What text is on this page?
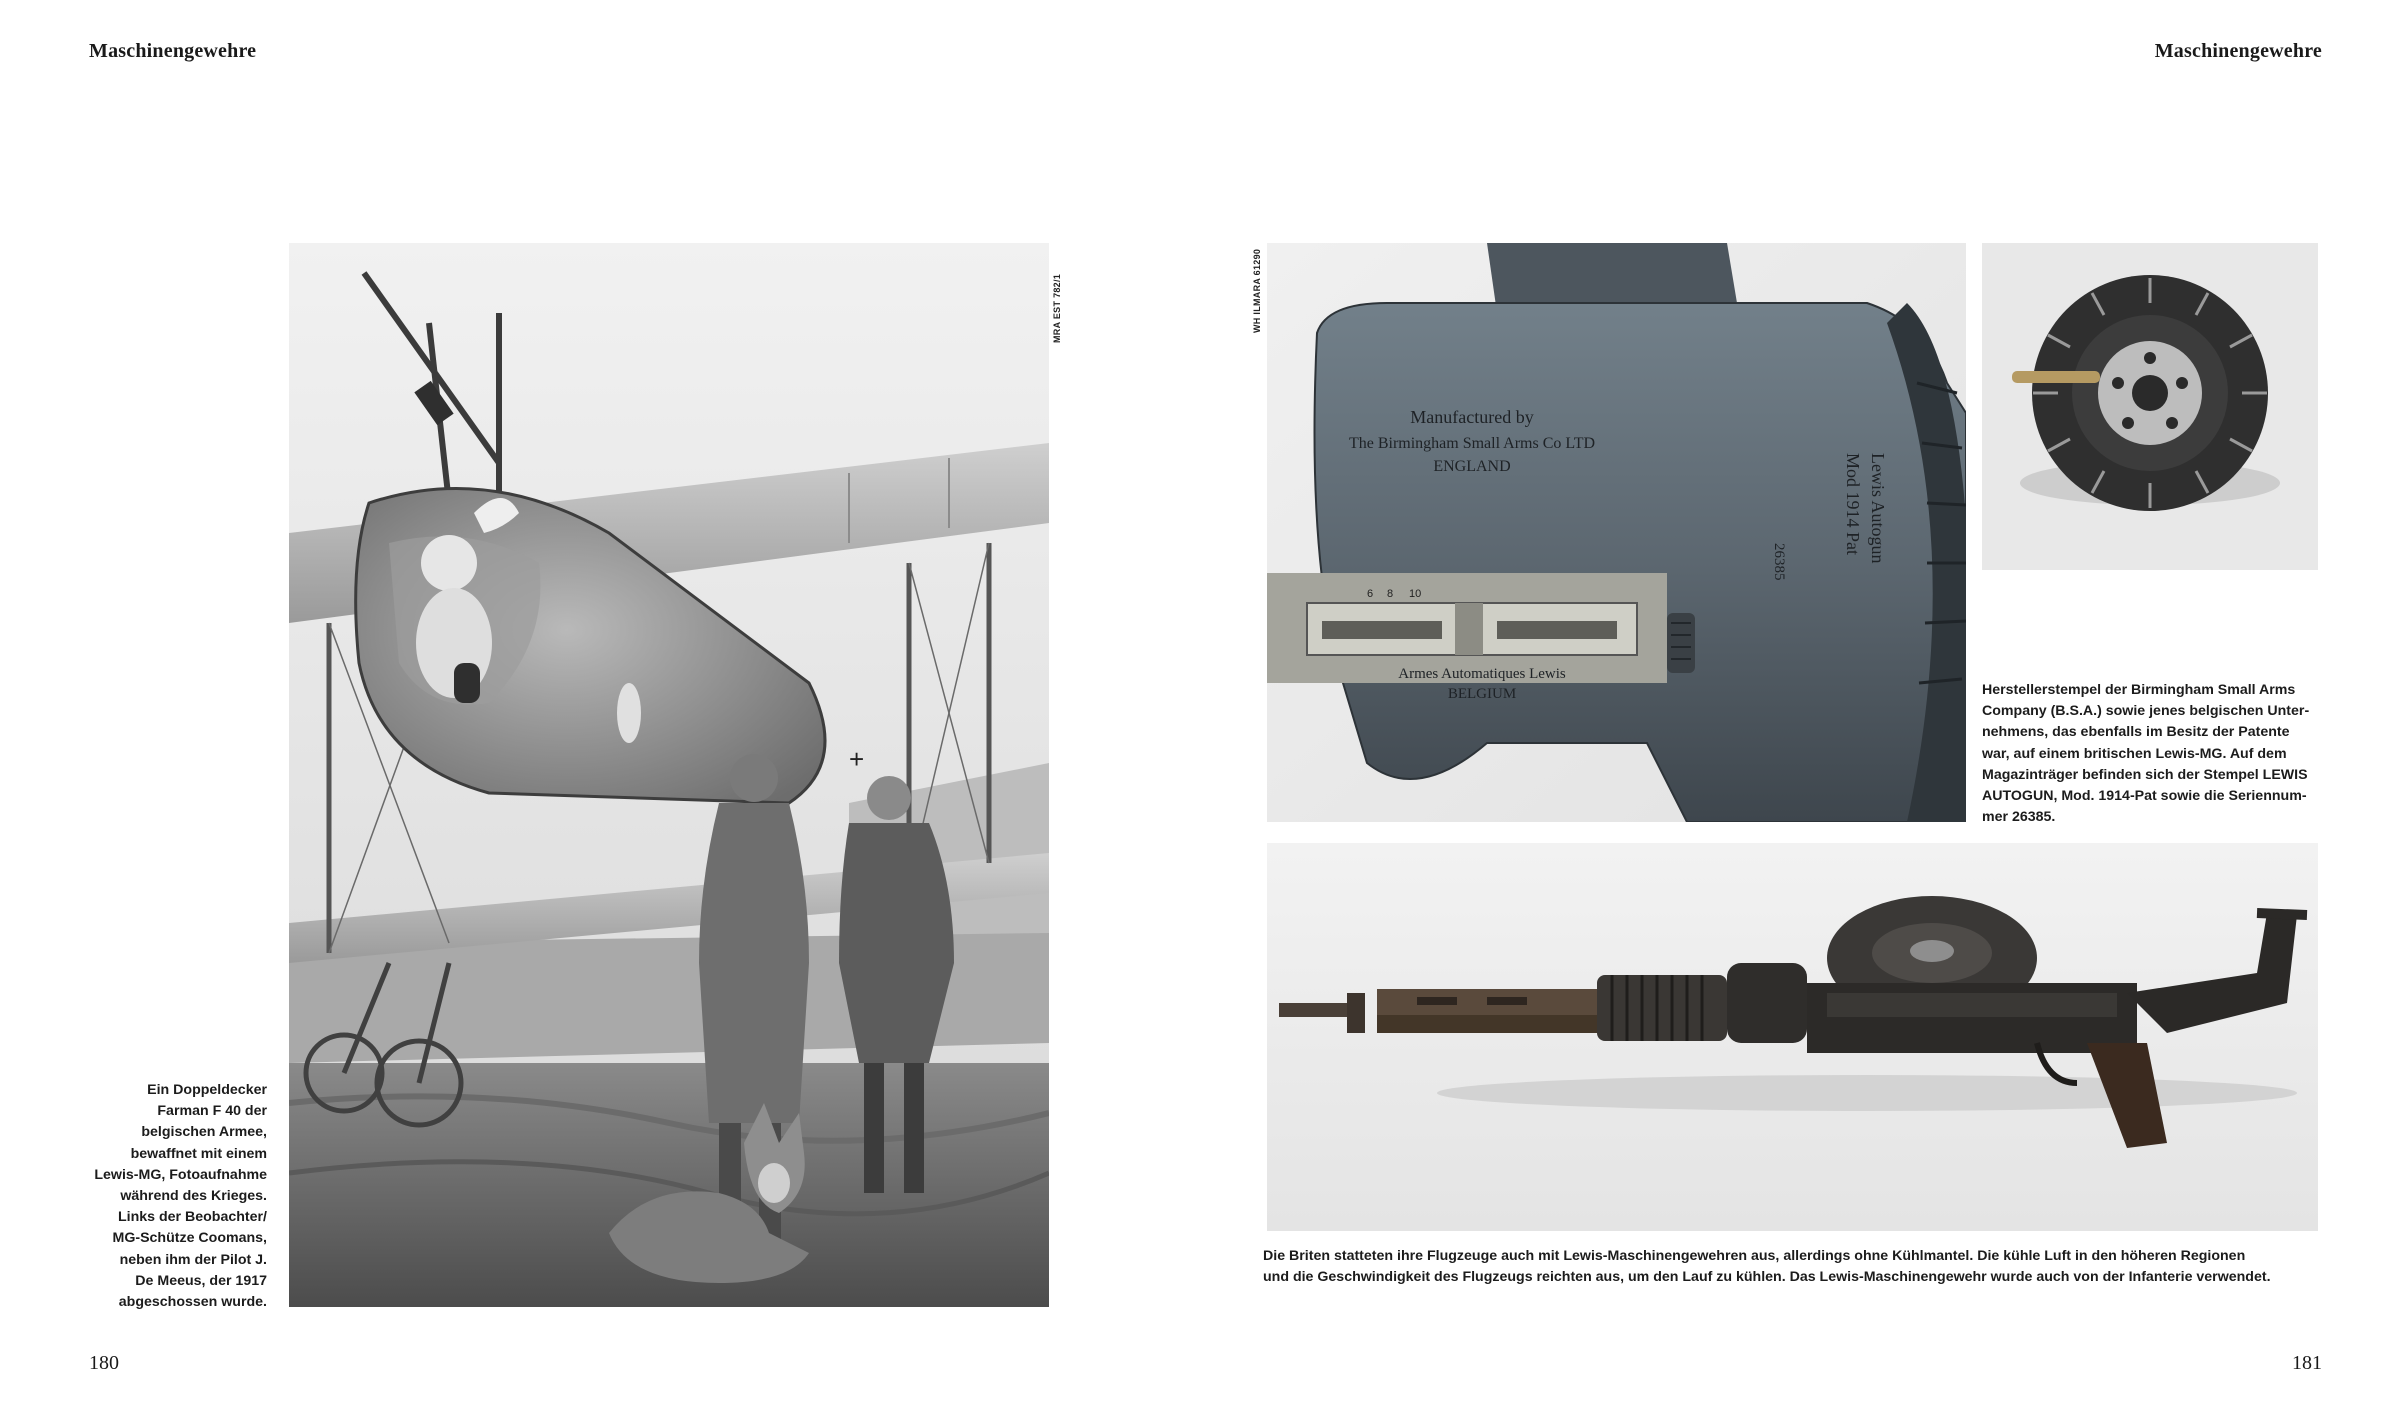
Maschinengewehre
+
MRA EST 782/1
Ein Doppeldecker
Farman F 40 der
belgischen Armee,
bewaffnet mit einem
Lewis-MG, Fotoaufnahme
während des Krieges.
Links der Beobachter/
MG-Schütze Coomans,
neben ihm der Pilot J.
De Meeus, der 1917
abgeschossen wurde.
180
Maschinengewehre
WH ILMARA 61290
Manufactured by
The Birmingham Small Arms Co LTD
ENGLAND
Armes Automatiques Lewis
BELGIUM
Lewis Autogun
Mod 1914 Pat
26385
10
8
6
Herstellerstempel der Birmingham Small Arms
Company (B.S.A.) sowie jenes belgischen Unter-
nehmens, das ebenfalls im Besitz der Patente
war, auf einem britischen Lewis-MG. Auf dem
Magazinträger befinden sich der Stempel LEWIS
AUTOGUN, Mod. 1914-Pat sowie die Seriennum-
mer 26385.
Die Briten statteten ihre Flugzeuge auch mit Lewis-Maschinengewehren aus, allerdings ohne Kühlmantel. Die kühle Luft in den höheren Regionen
und die Geschwindigkeit des Flugzeugs reichten aus, um den Lauf zu kühlen. Das Lewis-Maschinengewehr wurde auch von der Infanterie verwendet.
181
